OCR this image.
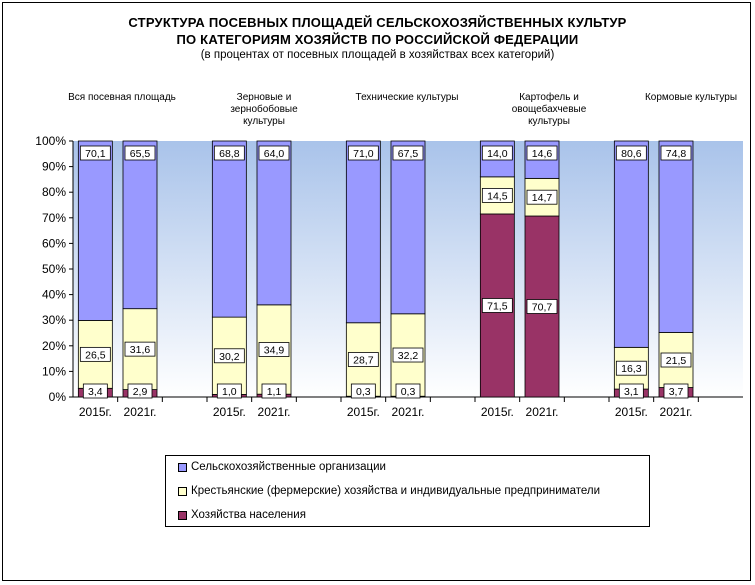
СТРУКТУРА ПОСЕВНЫХ ПЛОЩАДЕЙ СЕЛЬСКОХОЗЯЙСТВЕННЫХ КУЛЬТУР
ПО КАТЕГОРИЯМ ХОЗЯЙСТВ ПО РОССИЙСКОЙ ФЕДЕРАЦИИ
(в процентах от посевных площадей в хозяйствах всех категорий)
Вся посевная площадь	Зерновые и зернобобовые культуры
Технические культуры	Картофель и овощебахчевые культуры
Кормовые культуры
0%
10%
20%
30%
40%
50%
60%
70%
80%
90%
100%
3,4
26,5
70,1
2015г.
2,9
31,6
65,5
2021г.
1,0
30,2
68,8
2015г.
1,1
34,9
64,0
2021г.
0,3
28,7
71,0
2015г.
0,3
32,2
67,5
2021г.
71,5
14,5
14,0
2015г.
70,7
14,7
14,6
2021г.
3,1
16,3
80,6
2015г.
3,7
21,5
74,8
2021г.
Сельскохозяйственные организации
Крестьянские (фермерские) хозяйства и индивидуальные предприниматели
Хозяйства населения
